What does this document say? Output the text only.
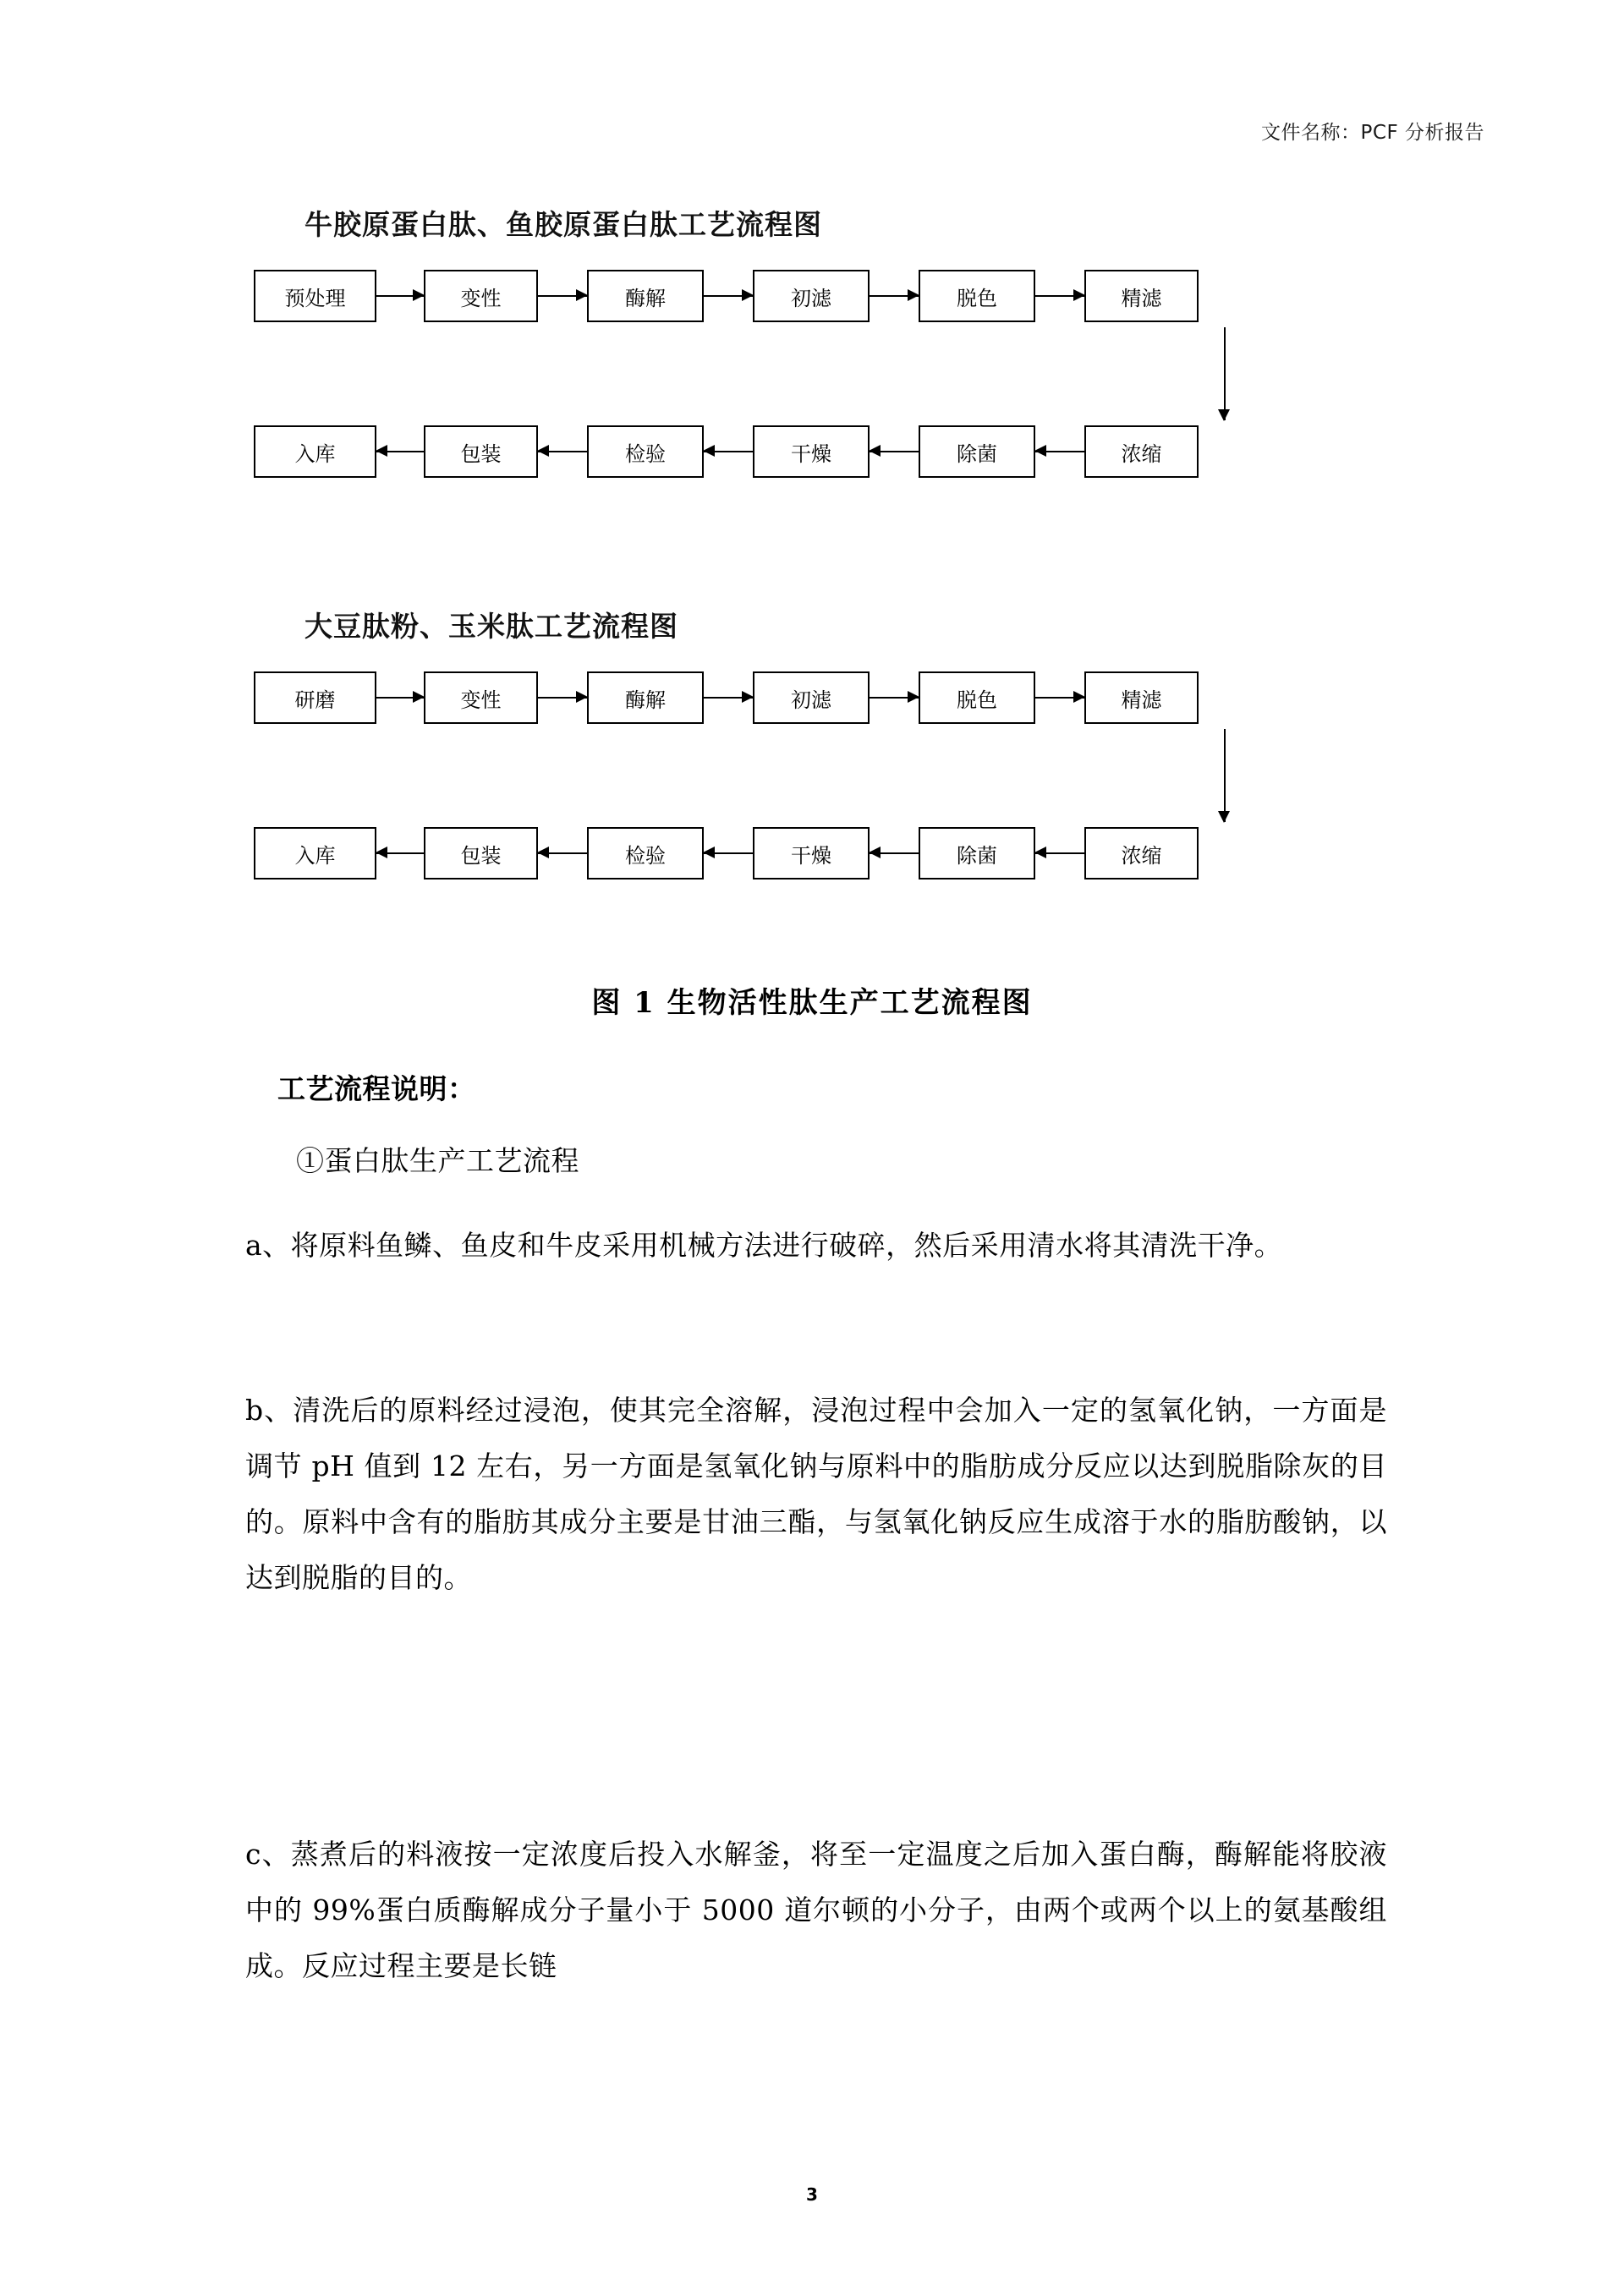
文件名称：PCF 分析报告
牛胶原蛋白肽、鱼胶原蛋白肽工艺流程图
预处理	变性	酶解	初滤	脱色	精滤
入库	包装	检验	干燥	除菌	浓缩
大豆肽粉、玉米肽工艺流程图
研磨	变性	酶解	初滤	脱色	精滤
入库	包装	检验	干燥	除菌	浓缩
图 1 生物活性肽生产工艺流程图
工艺流程说明：
①蛋白肽生产工艺流程
a、将原料鱼鳞、鱼皮和牛皮采用机械方法进行破碎，然后采用清水将其清洗干净。
b、清洗后的原料经过浸泡，使其完全溶解，浸泡过程中会加入一定的氢氧化钠，一方面是调节 pH 值到 12 左右，另一方面是氢氧化钠与原料中的脂肪成分反应以达到脱脂除灰的目的。原料中含有的脂肪其成分主要是甘油三酯，与氢氧化钠反应生成溶于水的脂肪酸钠，以达到脱脂的目的。
c、蒸煮后的料液按一定浓度后投入水解釜，将至一定温度之后加入蛋白酶，酶解能将胶液中的 99%蛋白质酶解成分子量小于 5000 道尔顿的小分子，由两个或两个以上的氨基酸组成。反应过程主要是长链
3
